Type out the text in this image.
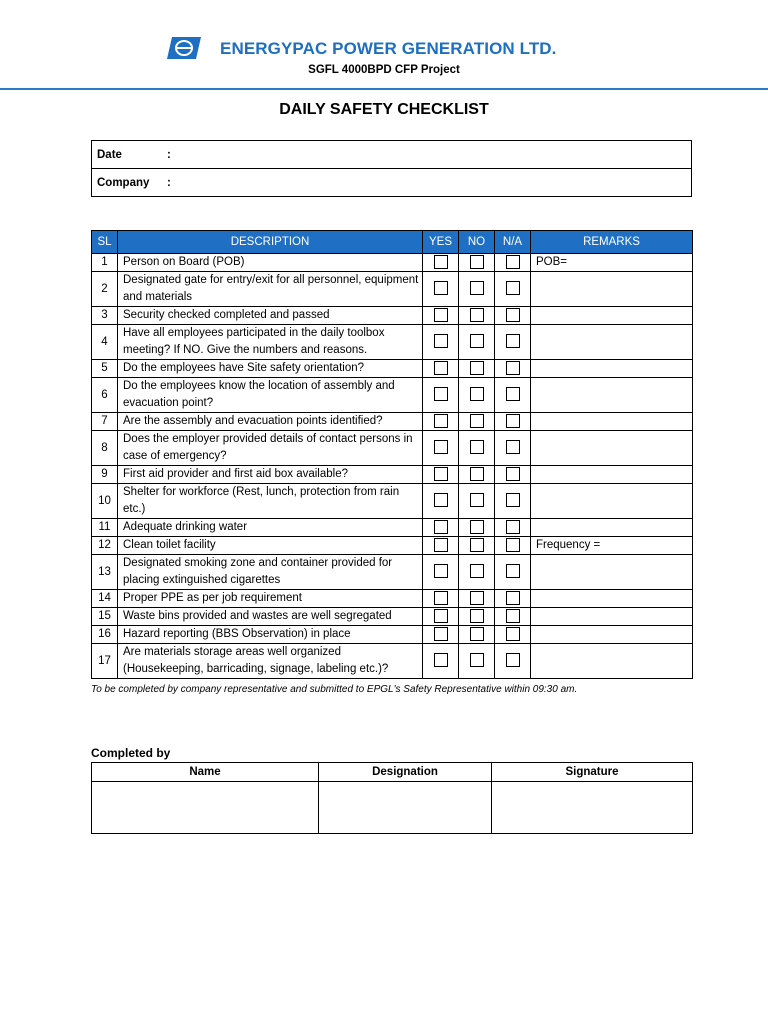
ENERGYPAC POWER GENERATION LTD.
SGFL 4000BPD CFP Project
DAILY SAFETY CHECKLIST
Date	:
Company :
SL	DESCRIPTION	YES	NO	N/A	REMARKS
1	Person on Board (POB)				POB=
2	Designated gate for entry/exit for all personnel, equipment and materials				
3	Security checked completed and passed				
4	Have all employees participated in the daily toolbox meeting? If NO. Give the numbers and reasons.				
5	Do the employees have Site safety orientation?				
6	Do the employees know the location of assembly and evacuation point?				
7	Are the assembly and evacuation points identified?				
8	Does the employer provided details of contact persons in case of emergency?				
9	First aid provider and first aid box available?				
10	Shelter for workforce (Rest, lunch, protection from rain etc.)				
11	Adequate drinking water				
12	Clean toilet facility				Frequency =
13	Designated smoking zone and container provided for placing extinguished cigarettes				
14	Proper PPE as per job requirement				
15	Waste bins provided and wastes are well segregated				
16	Hazard reporting (BBS Observation) in place				
17	Are materials storage areas well organized (Housekeeping, barricading, signage, labeling etc.)?				
To be completed by company representative and submitted to EPGL's Safety Representative within 09:30 am.
Completed by
Name	Designation	Signature
